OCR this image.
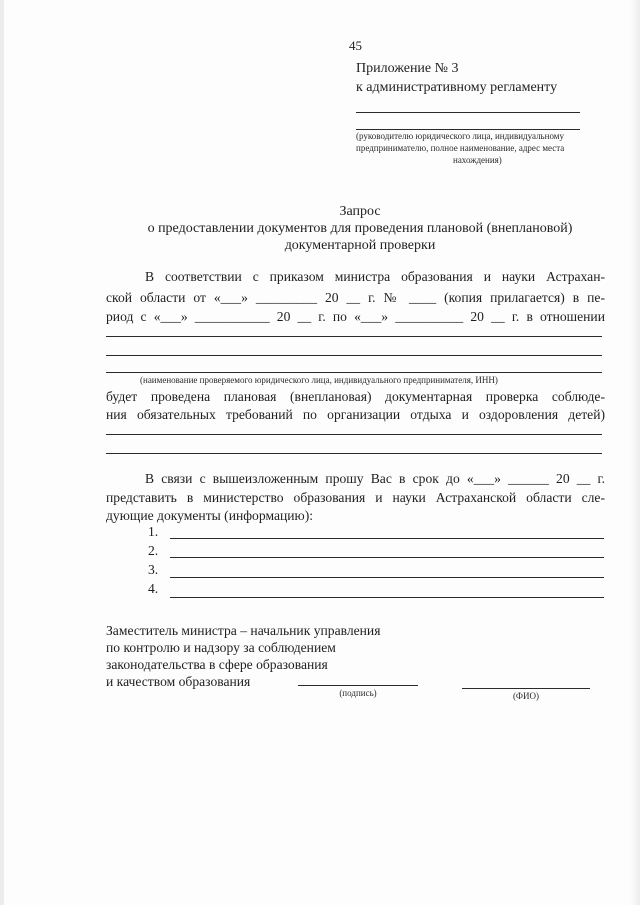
45
Приложение № 3
к административному регламенту
(руководителю юридического лица, индивидуальному
предпринимателю, полное наименование, адрес места
нахождения)
Запрос
о предоставлении документов для проведения плановой (внеплановой)
документарной проверки
В соответствии с приказом министра образования и науки Астрахан-
ской области от «___» _________ 20 __ г. № ____ (копия прилагается) в пе-
риод с «___» ___________ 20 __ г. по «___» __________ 20 __ г. в отношении
(наименование проверяемого юридического лица, индивидуального предпринимателя, ИНН)
будет проведена плановая (внеплановая) документарная проверка соблюде-
ния обязательных требований по организации отдыха и оздоровления детей)
В связи с вышеизложенным прошу Вас в срок до «___» ______ 20 __ г.
представить в министерство образования и науки Астраханской области сле-
дующие документы (информацию):
1.
2.
3.
4.
Заместитель министра – начальник управления
по контролю и надзору за соблюдением
законодательства в сфере образования
и качеством образования
(подпись)	(ФИО)
